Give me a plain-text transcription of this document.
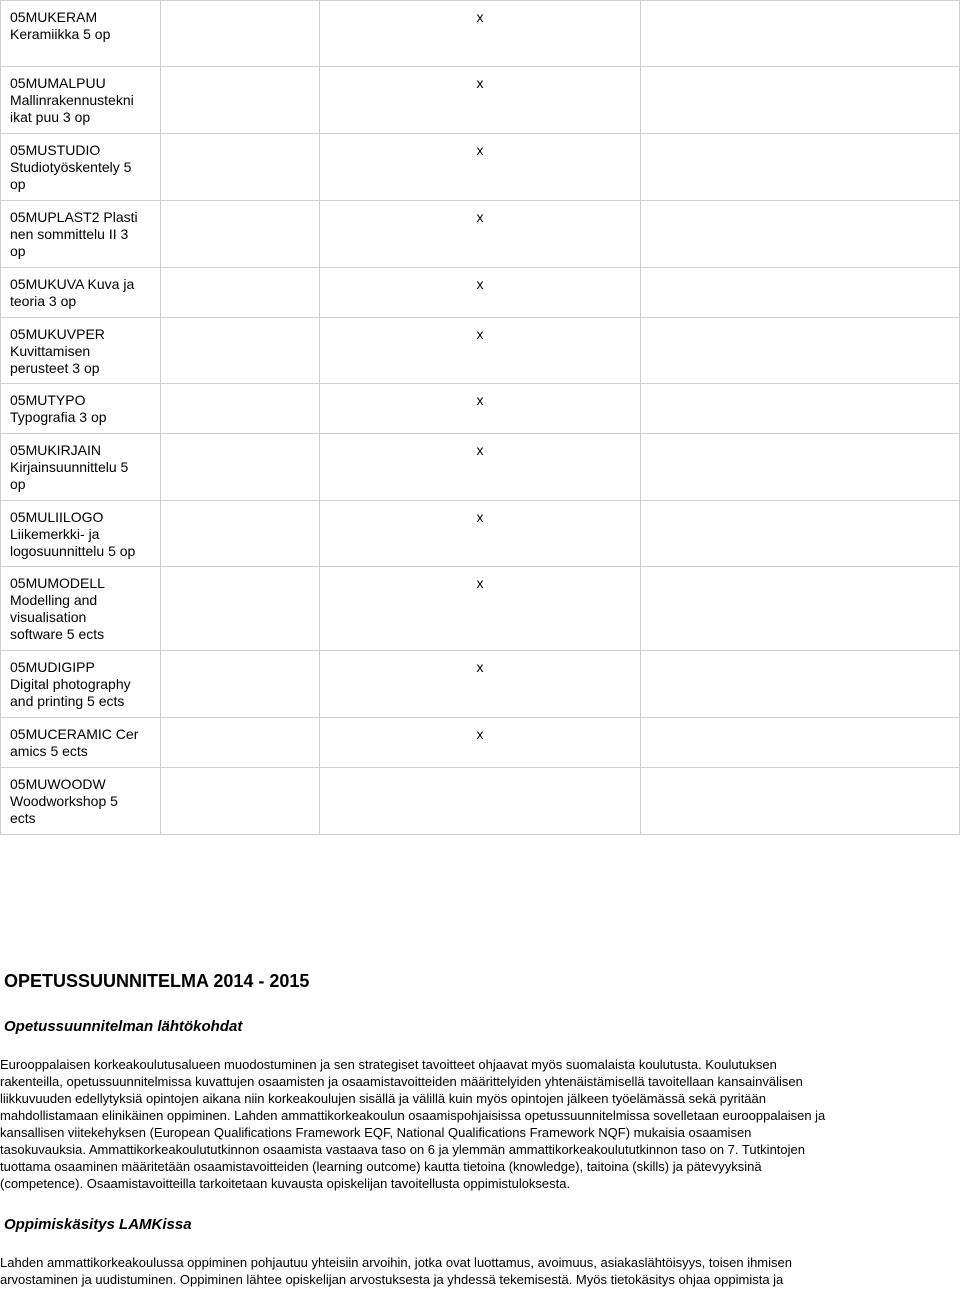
05MUKERAM
Keramiikka 5 op		x	

05MUMALPUU
Mallinrakennustekni
ikat puu 3 op		x	

05MUSTUDIO
Studiotyöskentely 5
op		x	

05MUPLAST2 Plasti
nen sommittelu II 3
op		x	

05MUKUVA Kuva ja
teoria 3 op		x	

05MUKUVPER
Kuvittamisen
perusteet 3 op		x	

05MUTYPO
Typografia 3 op		x	

05MUKIRJAIN
Kirjainsuunnittelu 5
op		x	

05MULIILOGO
Liikemerkki- ja
logosuunnittelu 5 op		x	

05MUMODELL
Modelling and
visualisation
software 5 ects		x	

05MUDIGIPP
Digital photography
and printing 5 ects		x	

05MUCERAMIC Cer
amics 5 ects		x	

05MUWOODW
Woodworkshop 5
ects			

OPETUSSUUNNITELMA 2014 - 2015
Opetussuunnitelman lähtökohdat

Eurooppalaisen korkeakoulutusalueen muodostuminen ja sen strategiset tavoitteet ohjaavat myös suomalaista koulutusta. Koulutuksen
rakenteilla, opetussuunnitelmissa kuvattujen osaamisten ja osaamistavoitteiden määrittelyiden yhtenäistämisellä tavoitellaan kansainvälisen
liikkuvuuden edellytyksiä opintojen aikana niin korkeakoulujen sisällä ja välillä kuin myös opintojen jälkeen työelämässä sekä pyritään
mahdollistamaan elinikäinen oppiminen. Lahden ammattikorkeakoulun osaamispohjaisissa opetussuunnitelmissa sovelletaan eurooppalaisen ja
kansallisen viitekehyksen (European Qualifications Framework EQF, National Qualifications Framework NQF) mukaisia osaamisen
tasokuvauksia. Ammattikorkeakoulututkinnon osaamista vastaava taso on 6 ja ylemmän ammattikorkeakoulututkinnon taso on 7. Tutkintojen
tuottama osaaminen määritetään osaamistavoitteiden (learning outcome) kautta tietoina (knowledge), taitoina (skills) ja pätevyyksinä
(competence). Osaamistavoitteilla tarkoitetaan kuvausta opiskelijan tavoitellusta oppimistuloksesta.

Oppimiskäsitys LAMKissa

Lahden ammattikorkeakoulussa oppiminen pohjautuu yhteisiin arvoihin, jotka ovat luottamus, avoimuus, asiakaslähtöisyys, toisen ihmisen
arvostaminen ja uudistuminen. Oppiminen lähtee opiskelijan arvostuksesta ja yhdessä tekemisestä. Myös tietokäsitys ohjaa oppimista ja
